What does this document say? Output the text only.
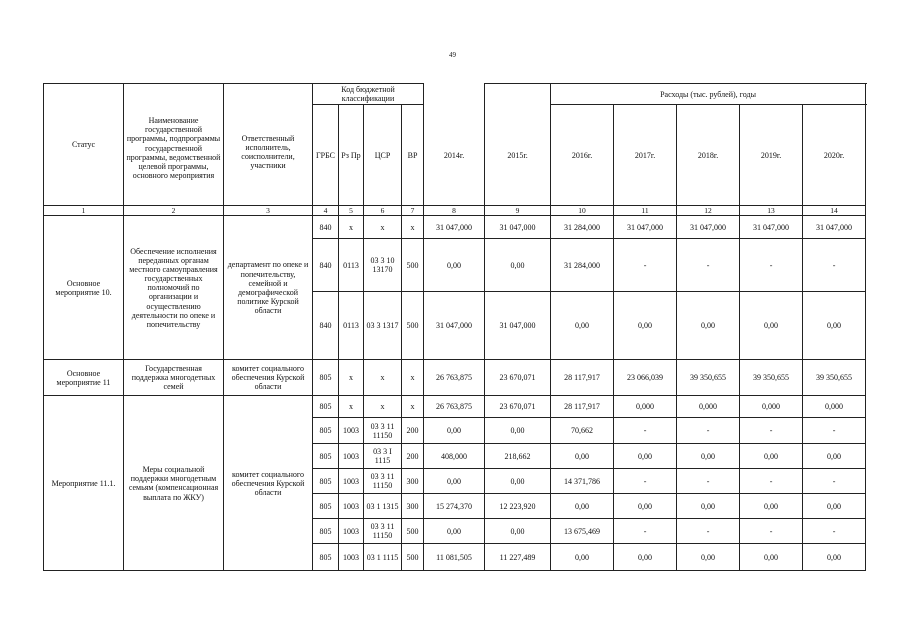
49
Статус	Наименование государственной программы, подпрограммы государственной программы, ведомственной целевой программы, основного мероприятия	Ответственный исполнитель, соисполнители, участники	Код бюджетной классификации						Расходы (тыс. рублей), годы				
			ГРБС	Рз Пр	ЦСР	ВР	2014г.	2015г.	2016г.	2017г.	2018г.	2019г.	2020г.
1	2	3	4	5	6	7	8	9	10	11	12	13	14
Основное мероприятие 10.	Обеспечение исполнения переданных органам местного самоуправления государственных полномочий по организации и осуществлению деятельности по опеке и попечительству	департамент по опеке и попечительству, семейной и демографической политике Курской области	840	х	х	х	31 047,000	31 047,000	31 284,000	31 047,000	31 047,000	31 047,000	31 047,000
			840	0113	03 3 10 13170	500	0,00	0,00	31 284,000	-	-	-	-
			840	0113	03 3 1317	500	31 047,000	31 047,000	0,00	0,00	0,00	0,00	0,00
Основное мероприятие 11	Государственная поддержка многодетных семей	комитет социального обеспечения Курской области	805	х	х	х	26 763,875	23 670,071	28 117,917	23 066,039	39 350,655	39 350,655	39 350,655
Мероприятие 11.1.	Меры социальной поддержки многодетным семьям (компенсационная выплата по ЖКУ)	комитет социального обеспечения Курской области	805	х	х	х	26 763,875	23 670,071	28 117,917	0,000	0,000	0,000	0,000
			805	1003	03 3 11 11150	200	0,00	0,00	70,662	-	-	-	-
			805	1003	03 3 I 1115	200	408,000	218,662	0,00	0,00	0,00	0,00	0,00
			805	1003	03 3 11 11150	300	0,00	0,00	14 371,786	-	-	-	-
			805	1003	03 1 1315	300	15 274,370	12 223,920	0,00	0,00	0,00	0,00	0,00
			805	1003	03 3 11 11150	500	0,00	0,00	13 675,469	-	-	-	-
			805	1003	03 1 1115	500	11 081,505	11 227,489	0,00	0,00	0,00	0,00	0,00
